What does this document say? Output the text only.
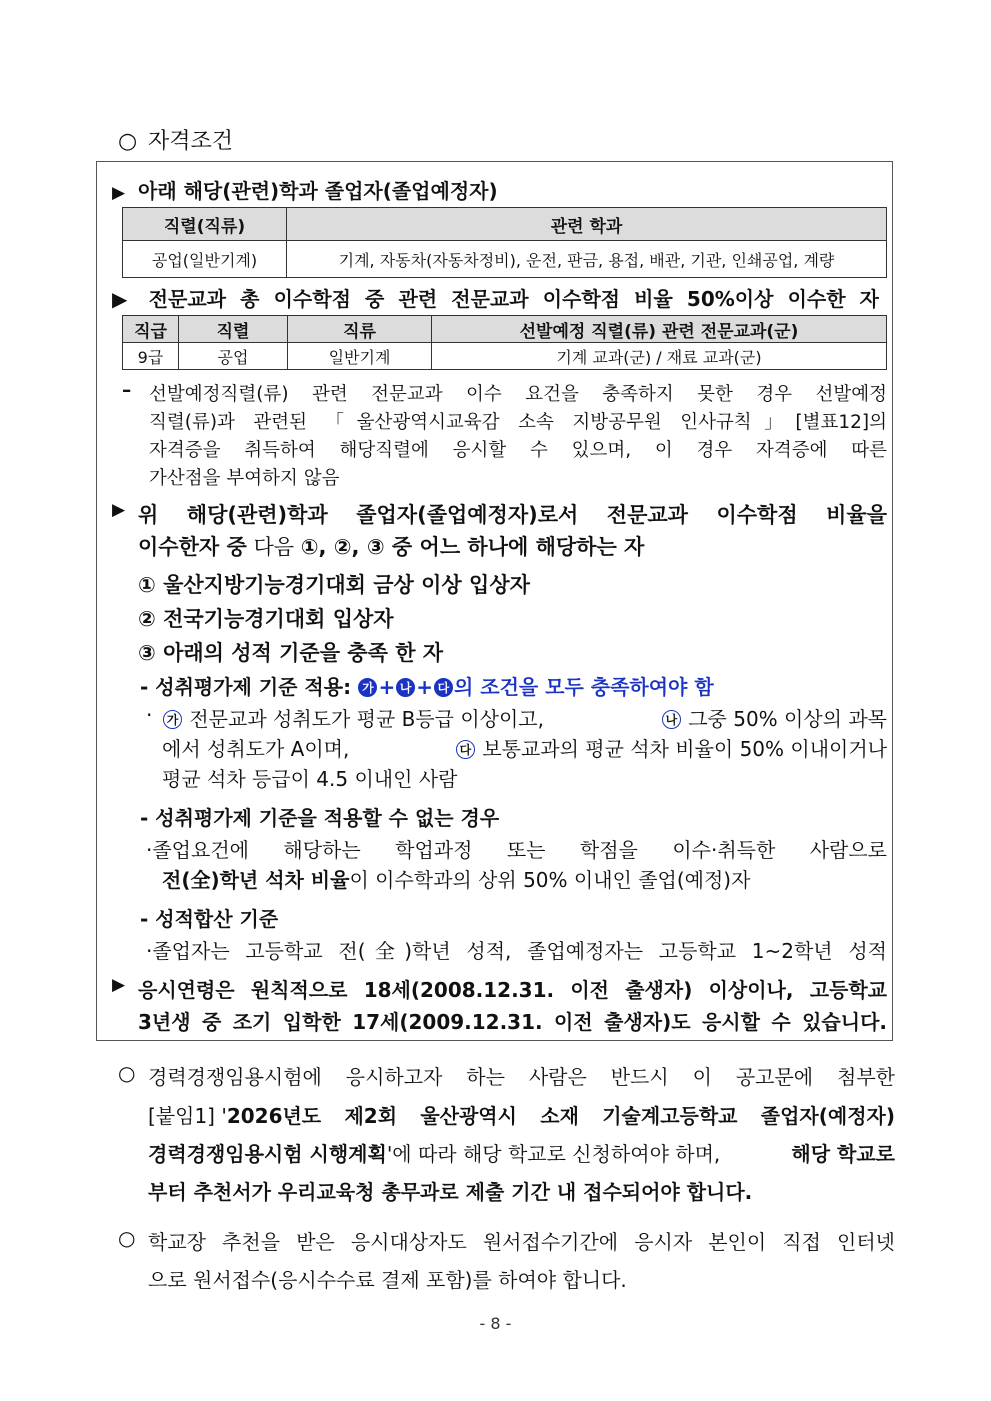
○ 자격조건
▶ 아래 해당(관련)학과 졸업자(졸업예정자)
직렬(직류)	관련 학과
공업(일반기계)	기계, 자동차(자동차정비), 운전, 판금, 용접, 배관, 기관, 인쇄공업, 계량
▶ 전문교과 총 이수학점 중 관련 전문교과 이수학점 비율 50%이상 이수한 자
직급	직렬	직류	선발예정 직렬(류) 관련 전문교과(군)
9급	공업	일반기계	기계 교과(군) / 재료 교과(군)
– 선발예정직렬(류) 관련 전문교과 이수 요건을 충족하지 못한 경우 선발예정
직렬(류)과 관련된 「울산광역시교육감 소속 지방공무원 인사규칙」[별표12]의
자격증을 취득하여 해당직렬에 응시할 수 있으며, 이 경우 자격증에 따른
가산점을 부여하지 않음
▶ 위 해당(관련)학과 졸업자(졸업예정자)로서 전문교과 이수학점 비율을
이수한자 중 다음 ①, ②, ③ 중 어느 하나에 해당하는 자
① 울산지방기능경기대회 금상 이상 입상자
② 전국기능경기대회 입상자
③ 아래의 성적 기준을 충족 한 자
- 성취평가제 기준 적용: 가 + 나 + 다 의 조건을 모두 충족하여야 함
·	가 전문교과 성취도가 평균 B등급 이상이고,	나 그중 50% 이상의 과목
에서 성취도가 A이며,	다 보통교과의 평균 석차 비율이 50% 이내이거나
평균 석차 등급이 4.5 이내인 사람
- 성취평가제 기준을 적용할 수 없는 경우
·졸업요건에 해당하는 학업과정 또는 학점을 이수·취득한 사람으로
전(全)학년 석차 비율이 이수학과의 상위 50% 이내인 졸업(예정)자
- 성적합산 기준
·졸업자는 고등학교 전(全)학년 성적, 졸업예정자는 고등학교 1~2학년 성적
▶ 응시연령은 원칙적으로 18세(2008.12.31. 이전 출생자) 이상이나, 고등학교
3년생 중 조기 입학한 17세(2009.12.31. 이전 출생자)도 응시할 수 있습니다.
○ 경력경쟁임용시험에 응시하고자 하는 사람은 반드시 이 공고문에 첨부한
[붙임1] ' 2026년도 제2회 울산광역시 소재 기술계고등학교 졸업자(예정자)
경력경쟁임용시험 시행계획'에 따라 해당 학교로 신청하여야 하며,	해당 학교로
부터 추천서가 우리교육청 총무과로 제출 기간 내 접수되어야 합니다.
○ 학교장 추천을 받은 응시대상자도 원서접수기간에 응시자 본인이 직접 인터넷
으로 원서접수(응시수수료 결제 포함)를 하여야 합니다.
- 8 -
